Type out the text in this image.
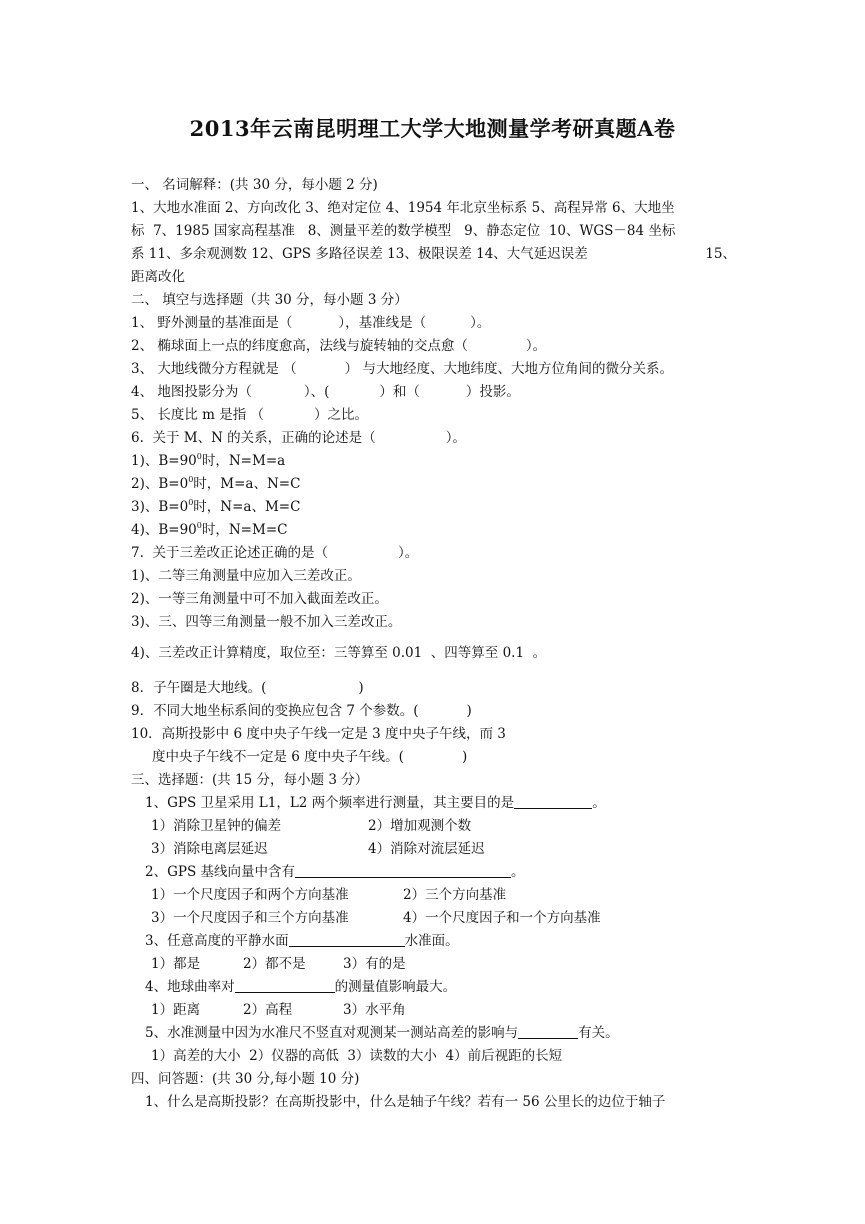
2013年云南昆明理工大学大地测量学考研真题A卷
一、 名词解释：(共 30 分，每小题 2 分)
1、大地水准面 2、方向改化 3、绝对定位 4、1954 年北京坐标系 5、高程异常 6、大地坐
标  7、1985 国家高程基准   8、测量平差的数学模型   9、静态定位  10、WGS－84 坐标
系 11、多余观测数 12、GPS 多路径误差 13、极限误差 14、大气延迟误差	15、
距离改化
二、 填空与选择题（共 30 分，每小题 3 分）
1、 野外测量的基准面是（	），基准线是（	）。
2、 椭球面上一点的纬度愈高，法线与旋转轴的交点愈（	）。
3、 大地线微分方程就是 （	） 与大地经度、大地纬度、大地方位角间的微分关系。
4、 地图投影分为（	）、(	）和（	）投影。
5、 长度比 m 是指 （	）之比。
6.  关于 M、N 的关系，正确的论述是（	）。
1)、$B=90^0$时，N=M=a
2)、$B=0^0$时，M=a、N=C
3)、$B=0^0$时，N=a、M=C
4)、$B=90^0$时，N=M=C
7.  关于三差改正论述正确的是（	）。
1)、二等三角测量中应加入三差改正。
2)、一等三角测量中可不加入截面差改正。
3)、三、四等三角测量一般不加入三差改正。
4)、三差改正计算精度，取位至：三等算至 0.01  、四等算至 0.1  。
8．子午圈是大地线。(	)
9．不同大地坐标系间的变换应包含 7 个参数。(	)
10．高斯投影中 6 度中央子午线一定是 3 度中央子午线，而 3
度中央子午线不一定是 6 度中央子午线。(	)
三、选择题：(共 15 分，每小题 3 分）
1、GPS 卫星采用 L1，L2 两个频率进行测量，其主要目的是	。
1）消除卫星钟的偏差	2）增加观测个数
3）消除电离层延迟	4）消除对流层延迟
2、GPS 基线向量中含有	。
1）一个尺度因子和两个方向基准	2）三个方向基准
3）一个尺度因子和三个方向基准	4）一个尺度因子和一个方向基准
3、任意高度的平静水面	水准面。
1）都是	2）都不是	3）有的是
4、地球曲率对	的测量值影响最大。
1）距离	2）高程	3）水平角
5、水准测量中因为水准尺不竖直对观测某一测站高差的影响与	有关。
1）高差的大小  2）仪器的高低  3）读数的大小  4）前后视距的长短
四、问答题：(共 30 分,每小题 10 分)
1、什么是高斯投影？在高斯投影中，什么是轴子午线？若有一 56 公里长的边位于轴子
